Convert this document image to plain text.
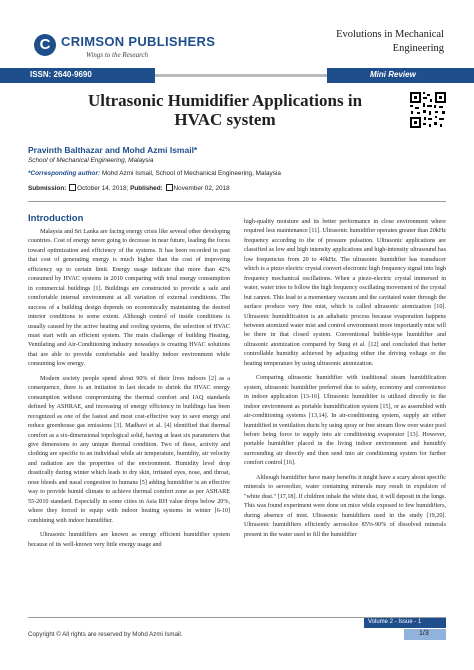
C CRIMSON PUBLISHERS
Wings to the Research
Evolutions in Mechanical
Engineering
ISSN: 2640-9690	Mini Review
Ultrasonic Humidifier Applications in
HVAC system
Pravinth Balthazar and Mohd Azmi Ismail*
School of Mechanical Engineering, Malaysia
*Corresponding author: Mohd Azmi Ismail, School of Mechanical Engineering, Malaysia
Submission: October 14, 2018; Published: November 02, 2018
Introduction

Malaysia and Sri Lanka are facing energy crisis like several other developing countries. Cost of energy never going to decrease in near future, leading the focus toward optimization and efficiency of the systems. It has been recorded in past that cost of generating energy is much higher than the cost of improving efficiency up to certain limit. Energy usage indicate that more than 42% consumed by HVAC systems in 2010 comparing with total energy consumption in commercial buildings [1]. Buildings are constructed to provide a safe and comfortable internal environment at all variation of external conditions. The success of a building design depends on economically maintaining the desired interior conditions to some extent. Although control of inside conditions is usually caused by the active heating and cooling systems, the selection of HVAC must start with an efficient system. The main challenge of building Heating, Ventilating and Air-Conditioning industry nowadays is creating HVAC solutions that are able to provide comfortable and healthy indoor environment while consuming low energy.

Modern society people spend about 90% of their lives indoors [2] as a consequence, there is an initiation in last decade to shrink the HVAC energy consumption without compromising the thermal comfort and IAQ standards defined by ASHRAE, and increasing of energy efficiency in buildings has been recognized as one of the fastest and most cost-effective way to save energy and reduce greenhouse gas emissions [3]. Madhavi et al. [4] identified that thermal comfort as a six-dimensional topological solid, having at least six parameters that give dimensions to any unique thermal condition. Two of these, activity and clothing are specific to an individual while air temperature, humidity, air velocity and radiation are the properties of the environment. Humidity level drop drastically during winter which leads to dry skin, irritated eyes, nose, and throat, nose bleeds and nasal congestion to humans [5] adding humidifier is an effective way to provide humid climate to achieve thermal comfort zone as per ASHARE 55-2010 standard. Especially in some cities in Asia RH value drops below 20%, where they forced to equip with indoor heating systems in winter [6-10] combining with indoor humidifier.

Ultrasonic humidifiers are known as energy efficient humidifier system because of its well-known very little energy usage and

high-quality moisture and its better performance in close environment where required less maintenance [11]. Ultrasonic humidifier operates greater than 20kHz frequency according to the of pressure pulsation. Ultrasonic applications are classified as low and high intensity applications and high-intensity ultrasound has low frequencies from 20 to 40kHz. The ultrasonic humidifier has transducer which is a piezo electric crystal convert electronic high frequency signal into high frequency mechanical oscillations. When a piezo-electric crystal immersed in water, water tries to follow the high frequency oscillating movement of the crystal but cannot. This lead to a momentary vacuum and the cavitated water through the surface produce very fine mist, which is called ultrasonic atomization [10]. Ultrasonic humidification is an adiabatic process because evaporation happens between atomized water mist and control environment more importantly mist will be there in that closed system. Conventional bubble-type humidifier and ultrasonic atomization compared by Sung et al. [12] and concluded that better controllable humidity achieved by adjusting either the driving voltage or the heating temperature by using ultrasonic atomization.

Comparing ultrasonic humidifier with traditional steam humidification system, ultrasonic humidifier preferred due to safety, economy and convenience in indoor application [13-16]. Ultrasonic humidifier is utilized directly to the indoor environment as portable humidification system [15], or as assembled with air-conditioning systems [13,14]. In air-conditioning system, supply air either humidified in ventilation ducts by using spray or free stream flow over water pool before being force to supply into air conditioning evaporator [13]. However, portable humidifier placed in the living indoor environment and humidify surrounding air directly and then send into air conditioning system for further comfort control [16].

Although humidifier have many benefits it might have a scary about specific minerals to aerosolize, water containing minerals may result in expulsion of "white dust." [17,18]. If children inhale the white dust, it will deposit in the lungs. This was found experiment were done on mice while exposed to few humidifiers, during absence of mist. Ultrasonic humidifiers used in the study [19,20]. Ultrasonic humidifiers efficiently aerosolize 85%-90% of dissolved minerals present in the water used to fill the humidifier

Volume 2 - Issue - 1
Copyright © All rights are reserved by Mohd Azmi Ismail.	1/3
